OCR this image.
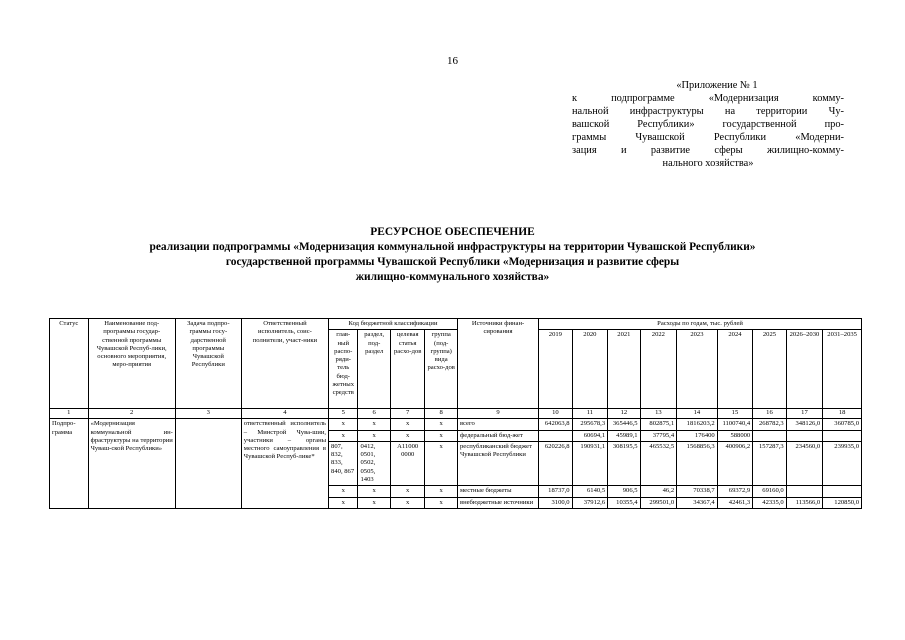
16
«Приложение № 1
к подпрограмме «Модернизация комму-
нальной инфраструктуры на территории Чу-
вашской Республики» государственной про-
граммы Чувашской Республики «Модерни-
зация и развитие сферы жилищно-комму-
нального хозяйства»
РЕСУРСНОЕ ОБЕСПЕЧЕНИЕ
реализации подпрограммы «Модернизация коммунальной инфраструктуры на территории Чувашской Республики»
государственной программы Чувашской Республики «Модернизация и развитие сферы
жилищно-коммунального хозяйства»
Статус	Наименование под-программы государ-ственной программы Чувашской Респуб-лики, основного мероприятия, меро-приятия	Задача подпро-граммы госу-дарственной программы Чувашской Республики	Ответственный исполнитель, соис-полнители, участ-ники	Код бюджетной классификации				Источники финан-сирования	Расходы по годам, тыс. рублей								
				глав-ный распо-ряди-тель бюд-жетных средств	раздел, под-раздел	целевая статья расхо-дов	группа (под-группа) вида расхо-дов		2019	2020	2021	2022	2023	2024	2025	2026–2030	2031–2035
1	2	3	4	5	6	7	8	9	10	11	12	13	14	15	16	17	18
Подпро-грамма	«Модернизация коммунальной ин-фраструктуры на территории Чуваш-ской Республики»		ответственный исполнитель – Минстрой Чува-шии, участники – органы местного самоуправления в Чувашской Респуб-лике*	x	x	x	x	всего	642063,8	295678,3	365446,5	802875,1	1816203,2	1100740,4	268782,3	348126,0	360785,0
				x	x	x	x	федеральный бюд-жет		60694,1	45989,1	37795,4	176400	588000			
				807, 832, 833, 840, 867	0412, 0501, 0502, 0505, 1403	A11000 0000	x	республиканский бюджет Чувашской Республики	620226,8	190931,1	308195,5	465532,5	1568856,3	400906,2	157287,3	234560,0	239935,0
				x	x	x	x	местные бюджеты	18737,0	6140,5	906,5	46,2	70338,7	69372,9	69160,0		
				x	x	x	x	внебюджетные источники	3100,0	37912,6	10355,4	299501,0	34367,4	42461,3	42335,0	113566,0	120850,0
